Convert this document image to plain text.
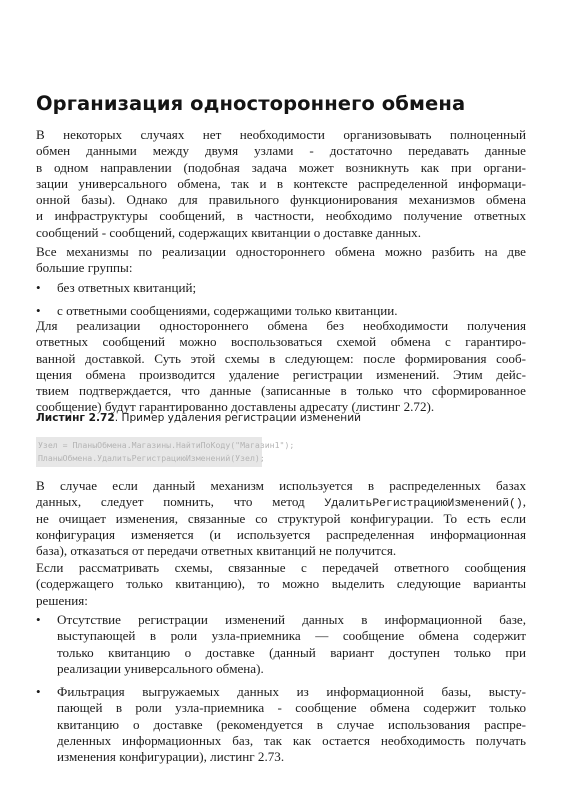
Организация одностороннего обмена
В некоторых случаях нет необходимости организовывать полноценный
обмен данными между двумя узлами - достаточно передавать данные
в одном направлении (подобная задача может возникнуть как при органи-
зации универсального обмена, так и в контексте распределенной информаци-
онной базы). Однако для правильного функционирования механизмов обмена
и инфраструктуры сообщений, в частности, необходимо получение ответных
сообщений - сообщений, содержащих квитанции о доставке данных.
Все механизмы по реализации одностороннего обмена можно разбить на две
большие группы:
•	без ответных квитанций;
•	с ответными сообщениями, содержащими только квитанции.
Для реализации одностороннего обмена без необходимости получения
ответных сообщений можно воспользоваться схемой обмена с гарантиро-
ванной доставкой. Суть этой схемы в следующем: после формирования сооб-
щения обмена производится удаление регистрации изменений. Этим дейс-
твием подтверждается, что данные (записанные в только что сформированное
сообщение) будут гарантированно доставлены адресату (листинг 2.72).
Листинг 2.72. Пример удаления регистрации изменений
Узел = ПланыОбмена.Магазины.НайтиПоКоду("Магазин1");
ПланыОбмена.УдалитьРегистрациюИзменений(Узел);
В случае если данный механизм используется в распределенных базах
данных, следует помнить, что метод УдалитьРегистрациюИзменений(),
не очищает изменения, связанные со структурой конфигурации. То есть если
конфигурация изменяется (и используется распределенная информационная
база), отказаться от передачи ответных квитанций не получится.
Если рассматривать схемы, связанные с передачей ответного сообщения
(содержащего только квитанцию), то можно выделить следующие варианты
решения:
• Отсутствие регистрации изменений данных в информационной базе,
выступающей в роли узла-приемника — сообщение обмена содержит
только квитанцию о доставке (данный вариант доступен только при
реализации универсального обмена).
• Фильтрация выгружаемых данных из информационной базы, высту-
пающей в роли узла-приемника - сообщение обмена содержит только
квитанцию о доставке (рекомендуется в случае использования распре-
деленных информационных баз, так как остается необходимость получать
изменения конфигурации), листинг 2.73.
